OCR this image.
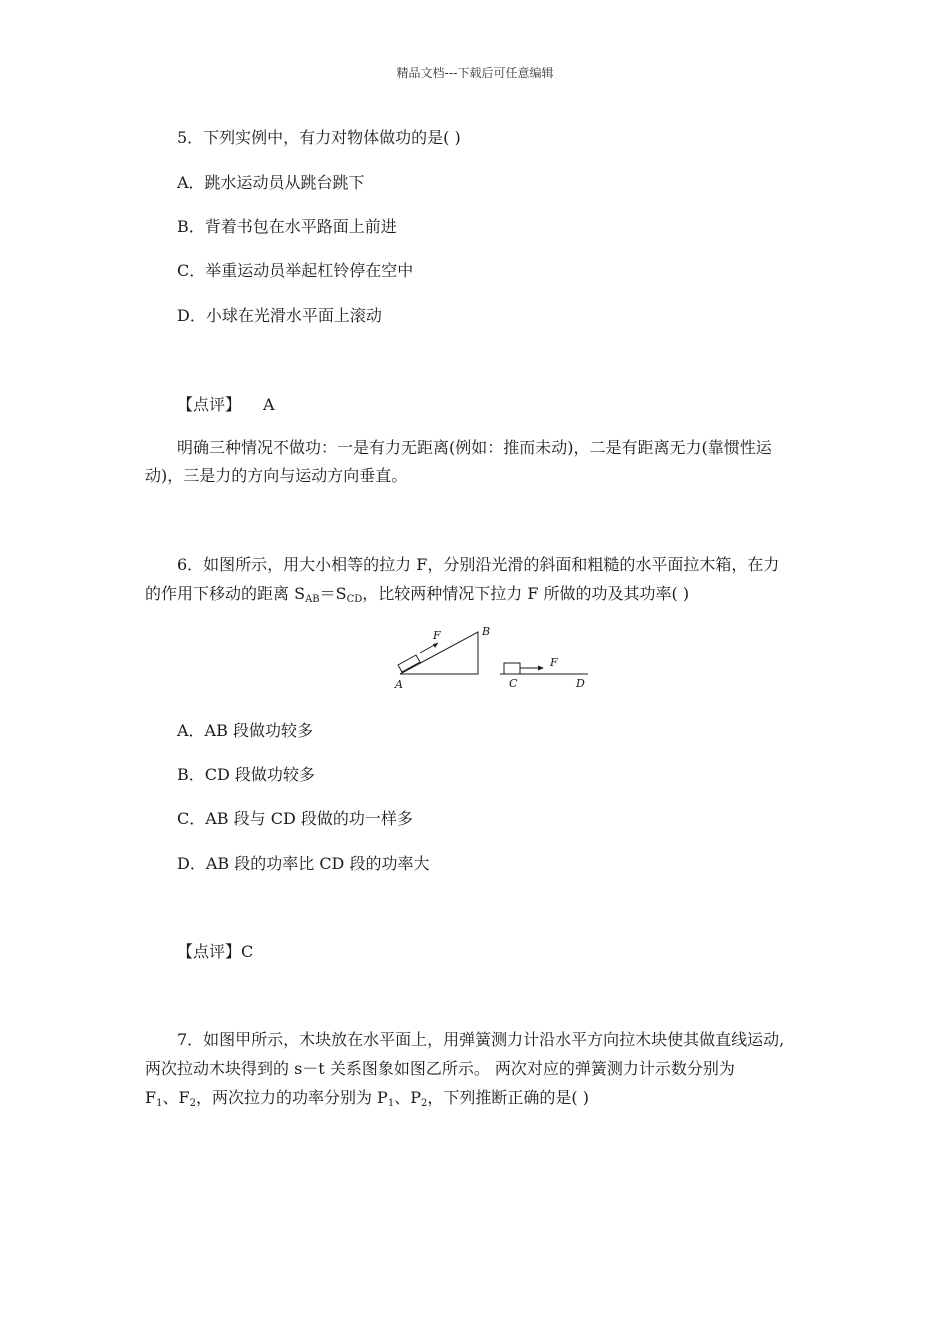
精品文档---下载后可任意编辑
5．下列实例中，有力对物体做功的是( )
A．跳水运动员从跳台跳下
B．背着书包在水平路面上前进
C．举重运动员举起杠铃停在空中
D．小球在光滑水平面上滚动
【点评】 A
明确三种情况不做功：一是有力无距离(例如：推而未动)，二是有距离无力(靠惯性运
动)，三是力的方向与运动方向垂直。
6．如图所示，用大小相等的拉力 F，分别沿光滑的斜面和粗糙的水平面拉木箱，在力
的作用下移动的距离 $S_{AB}=S_{CD}$，比较两种情况下拉力 F 所做的功及其功率( )
F
A
B
F
C	D
A．AB 段做功较多
B．CD 段做功较多
C．AB 段与 CD 段做的功一样多
D．AB 段的功率比 CD 段的功率大
【点评】C
7．如图甲所示，木块放在水平面上，用弹簧测力计沿水平方向拉木块使其做直线运动,
两次拉动木块得到的 s－t 关系图象如图乙所示。 两次对应的弹簧测力计示数分别为
$F_1$、$F_2$，两次拉力的功率分别为 $P_1$、$P_2$，下列推断正确的是( )
